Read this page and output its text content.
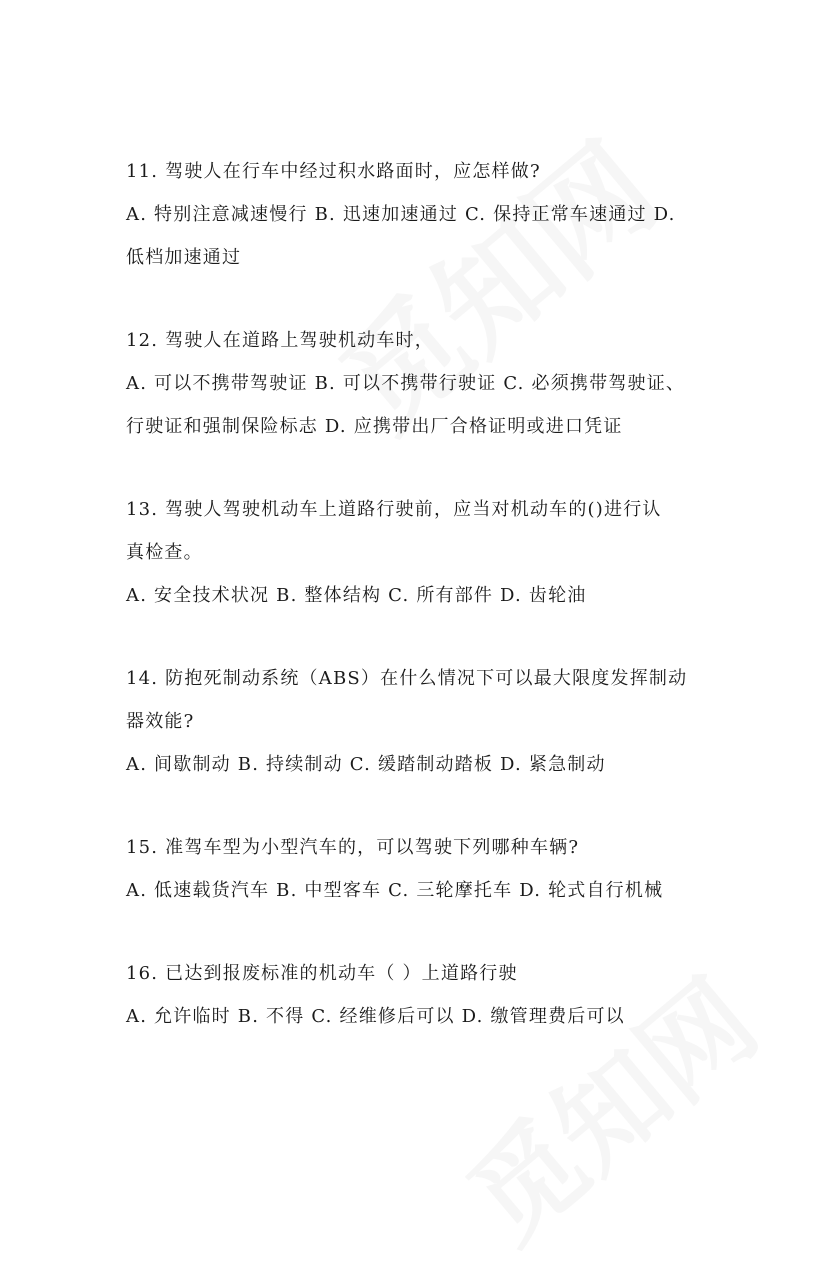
11. 驾驶人在行车中经过积水路面时，应怎样做?
A. 特别注意减速慢行 B. 迅速加速通过 C. 保持正常车速通过 D.
低档加速通过
12. 驾驶人在道路上驾驶机动车时，
A. 可以不携带驾驶证 B. 可以不携带行驶证 C. 必须携带驾驶证、
行驶证和强制保险标志 D. 应携带出厂合格证明或进口凭证
13. 驾驶人驾驶机动车上道路行驶前，应当对机动车的()进行认
真检查。
A. 安全技术状况 B. 整体结构 C. 所有部件 D. 齿轮油
14. 防抱死制动系统（ABS）在什么情况下可以最大限度发挥制动
器效能?
A. 间歇制动 B. 持续制动 C. 缓踏制动踏板 D. 紧急制动
15. 准驾车型为小型汽车的，可以驾驶下列哪种车辆?
A. 低速载货汽车 B. 中型客车 C. 三轮摩托车 D. 轮式自行机械
16. 已达到报废标准的机动车（ ）上道路行驶
A. 允许临时 B. 不得 C. 经维修后可以 D. 缴管理费后可以
